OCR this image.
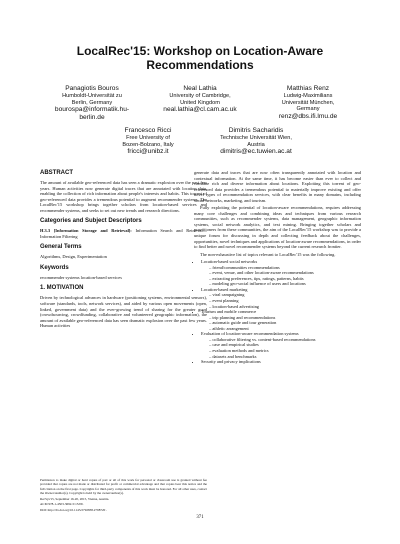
LocalRec'15: Workshop on Location-Aware
Recommendations
Panagiotis Bouros
Humboldt-Universität zu
Berlin, Germany
bourospa@informatik.hu-
berlin.de
Neal Lathia
University of Cambridge,
United Kingdom
neal.lathia@cl.cam.ac.uk
Matthias Renz
Ludwig-Maximilians
Universität München,
Germany
renz@dbs.ifi.lmu.de
Francesco Ricci
Free University of
Bozen-Bolzano, Italy
fricci@unibz.it
Dimitris Sacharidis
Technische Universität Wien,
Austria
dimitris@ec.tuwien.ac.at
ABSTRACT

The amount of available geo-referenced data has seen a dramatic explosion over the past few years. Human activities now generate digital traces that are annotated with location data, enabling the collection of rich information about people's interests and habits. This torrent of geo-referenced data provides a tremendous potential to augment recommender systems. The LocalRec'15 workshop brings together scholars from location-based services and recommender systems, and seeks to set out new trends and research directions.

Categories and Subject Descriptors

H.3.3 [Information Storage and Retrieval]: Information Search and Retrieval—Information Filtering

General Terms

Algorithms, Design, Experimentation

Keywords

recommender systems location-based services

1. MOTIVATION

Driven by technological advances in hardware (positioning systems, environmental sensors), software (standards, tools, network services), and aided by various open movements (open, linked, government data) and the ever-growing trend of sharing for the greater good (crowdsourcing, crowdfunding, collaborative and volunteered geographic information), the amount of available geo-referenced data has seen dramatic explosion over the past few years. Human activities

Permission to make digital or hard copies of part or all of this work for personal or classroom use is granted without fee provided that copies are not made or distributed for profit or commercial advantage and that copies bear this notice and the full citation on the first page. Copyrights for third-party components of this work must be honored. For all other uses, contact the Owner/Author(s). Copyright is held by the owner/author(s).

RecSys'15, September 16-20, 2015, Vienna, Austria.

ACM 978-1-4503-3692-5/15/09.

DOI: http://dx.doi.org/10.1145/2792838.2798720 .

generate data and traces that are now often transparently annotated with location and contextual information. At the same time, it has become easier than ever to collect and combine rich and diverse information about locations. Exploiting this torrent of geo-referenced data provides a tremendous potential to materially improve existing and offer novel types of recommendation services, with clear benefits in many domains, including social networks, marketing, and tourism.

Fully exploiting the potential of location-aware recommendations, requires addressing many core challenges and combining ideas and techniques from various research communities, such as recommender systems, data management, geographic information systems, social network analytics, and text mining. Bringing together scholars and practitioners from these communities, the aim of the LocalRec'15 workshop was to provide a unique forum for discussing in depth and collecting feedback about the challenges, opportunities, novel techniques and applications of location-aware recommendations, in order to find better and novel recommender systems beyond the current research frontier.

The non-exhaustive list of topics relevant to LocalRec'15 was the following.

• Location-based social networks
– friend/communities recommendations
– event, venue, and other location-aware recommendations
– extracting preferences, tips, ratings, patterns, habits
– modeling geo-social influence of users and locations
• Location-based marketing
– viral campaigning
– event planning
– location-based advertising
• Tourism and mobile commerce
– trip planning and recommendations
– automatic guide and tour generation
– athletic arrangement
• Evaluation of location-aware recommendation systems
– collaborative filtering vs. content-based recommendations
– case and empirical studies
– evaluation methods and metrics
– datasets and benchmarks
• Security and privacy implications
371
